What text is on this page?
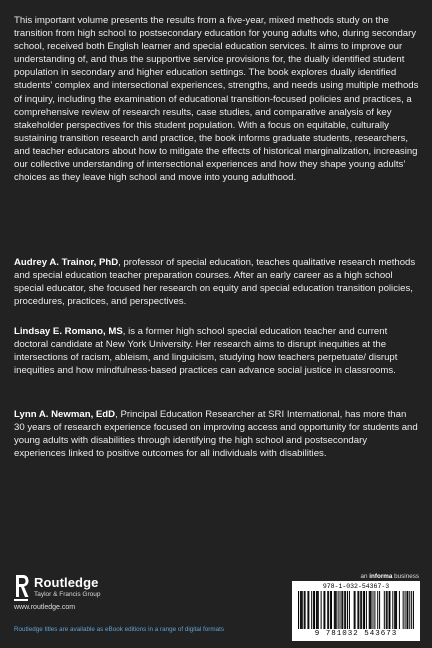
This important volume presents the results from a five-year, mixed methods study on the transition from high school to postsecondary education for young adults who, during secondary school, received both English learner and special education services. It aims to improve our understanding of, and thus the supportive service provisions for, the dually identified student population in secondary and higher education settings. The book explores dually identified students’ complex and intersectional experiences, strengths, and needs using multiple methods of inquiry, including the examination of educational transition-focused policies and practices, a comprehensive review of research results, case studies, and comparative analysis of key stakeholder perspectives for this student population. With a focus on equitable, culturally sustaining transition research and practice, the book informs graduate students, researchers, and teacher educators about how to mitigate the effects of historical marginalization, increasing our collective understanding of intersectional experiences and how they shape young adults’ choices as they leave high school and move into young adulthood.

Audrey A. Trainor, PhD, professor of special education, teaches qualitative research methods and special education teacher preparation courses. After an early career as a high school special educator, she focused her research on equity and special education transition policies, procedures, practices, and perspectives.

Lindsay E. Romano, MS, is a former high school special education teacher and current doctoral candidate at New York University. Her research aims to disrupt inequities at the intersections of racism, ableism, and linguicism, studying how teachers perpetuate/ disrupt inequities and how mindfulness-based practices can advance social justice in classrooms.

Lynn A. Newman, EdD, Principal Education Researcher at SRI International, has more than 30 years of research experience focused on improving access and opportunity for students and young adults with disabilities through identifying the high school and postsecondary experiences linked to positive outcomes for all individuals with disabilities.

Routledge
Taylor & Francis Group
www.routledge.com
Routledge titles are available as eBook editions in a range of digital formats
an informa business
978-1-032-54367-3
9 781032 543673
